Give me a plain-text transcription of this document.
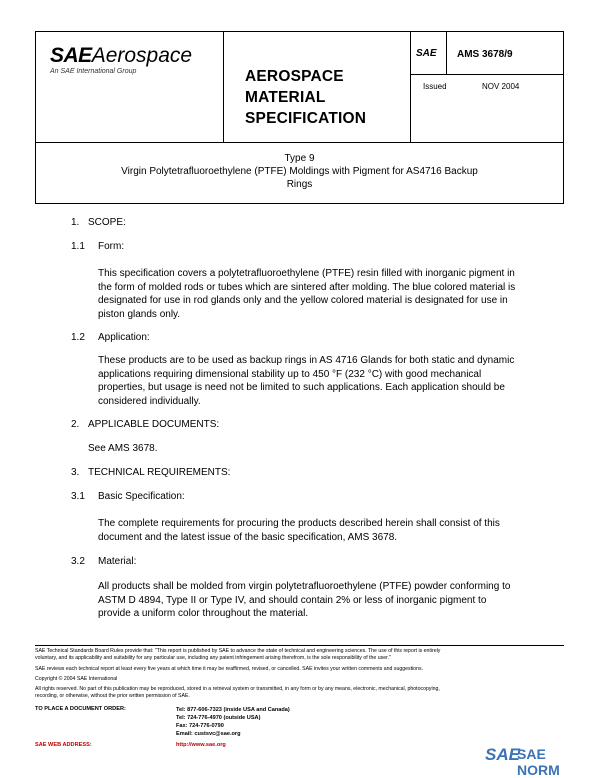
SAEAerospace
An SAE International Group	AEROSPACE
MATERIAL
SPECIFICATION
SAE AMS 3678/9
Issued	NOV 2004
Type 9
Virgin Polytetrafluoroethylene (PTFE) Moldings with Pigment for AS4716 Backup
Rings
1. SCOPE:
1.1 Form:
This specification covers a polytetrafluoroethylene (PTFE) resin filled with inorganic pigment in
the form of molded rods or tubes which are sintered after molding. The blue colored material is
designated for use in rod glands only and the yellow colored material is designated for use in
piston glands only.
1.2 Application:
These products are to be used as backup rings in AS 4716 Glands for both static and dynamic
applications requiring dimensional stability up to 450 °F (232 °C) with good mechanical
properties, but usage is need not be limited to such applications. Each application should be
considered individually.
2. APPLICABLE DOCUMENTS:
See AMS 3678.
3. TECHNICAL REQUIREMENTS:
3.1 Basic Specification:
The complete requirements for procuring the products described herein shall consist of this
document and the latest issue of the basic specification, AMS 3678.
3.2 Material:
All products shall be molded from virgin polytetrafluoroethylene (PTFE) powder conforming to
ASTM D 4894, Type II or Type IV, and should contain 2% or less of inorganic pigment to
provide a uniform color throughout the material.
SAE Technical Standards Board Rules provide that: "This report is published by SAE to advance the state of technical and engineering sciences. The use of this report is entirely
voluntary, and its applicability and suitability for any particular use, including any patent infringement arising therefrom, is the sole responsibility of the user."
SAE reviews each technical report at least every five years at which time it may be reaffirmed, revised, or cancelled. SAE invites your written comments and suggestions.
Copyright © 2004 SAE International
All rights reserved. No part of this publication may be reproduced, stored in a retrieval system or transmitted, in any form or by any means, electronic, mechanical, photocopying,
recording, or otherwise, without the prior written permission of SAE.
TO PLACE A DOCUMENT ORDER:	Tel: 877-606-7323 (inside USA and Canada)
Tel: 724-776-4970 (outside USA)
Fax: 724-776-0790
Email: custsvc@sae.org
SAE WEB ADDRESS:	http://www.sae.org	SAE
SAE NORM
